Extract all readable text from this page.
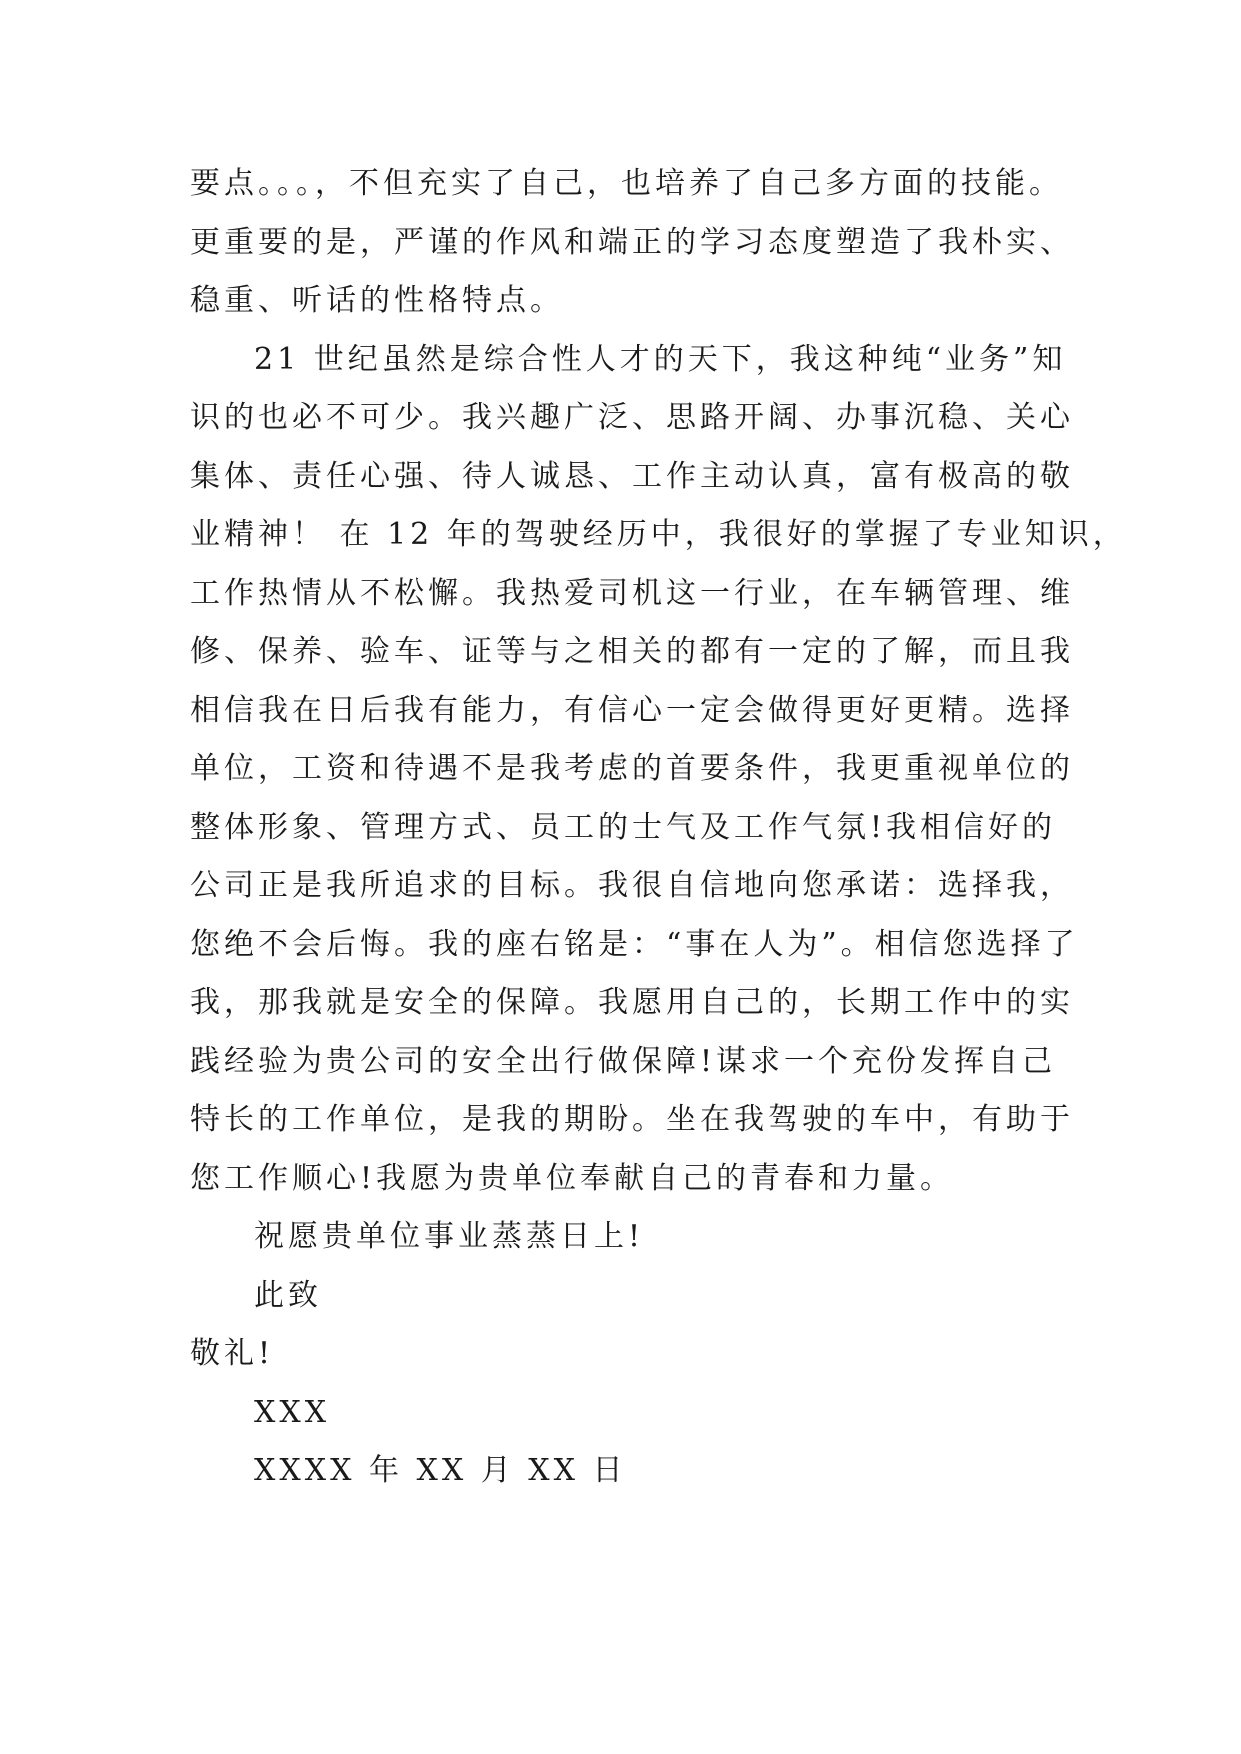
要点。。。，不但充实了自己，也培养了自己多方面的技能。
更重要的是，严谨的作风和端正的学习态度塑造了我朴实、
稳重、听话的性格特点。
21 世纪虽然是综合性人才的天下，我这种纯“业务”知
识的也必不可少。我兴趣广泛、思路开阔、办事沉稳、关心
集体、责任心强、待人诚恳、工作主动认真，富有极高的敬
业精神！ 在 12 年的驾驶经历中，我很好的掌握了专业知识，
工作热情从不松懈。我热爱司机这一行业，在车辆管理、维
修、保养、验车、证等与之相关的都有一定的了解，而且我
相信我在日后我有能力，有信心一定会做得更好更精。选择
单位，工资和待遇不是我考虑的首要条件，我更重视单位的
整体形象、管理方式、员工的士气及工作气氛!我相信好的
公司正是我所追求的目标。我很自信地向您承诺：选择我，
您绝不会后悔。我的座右铭是：“事在人为”。相信您选择了
我，那我就是安全的保障。我愿用自己的，长期工作中的实
践经验为贵公司的安全出行做保障!谋求一个充份发挥自己
特长的工作单位，是我的期盼。坐在我驾驶的车中，有助于
您工作顺心!我愿为贵单位奉献自己的青春和力量。
祝愿贵单位事业蒸蒸日上!
此致
敬礼!
XXX
XXXX 年 XX 月 XX 日
